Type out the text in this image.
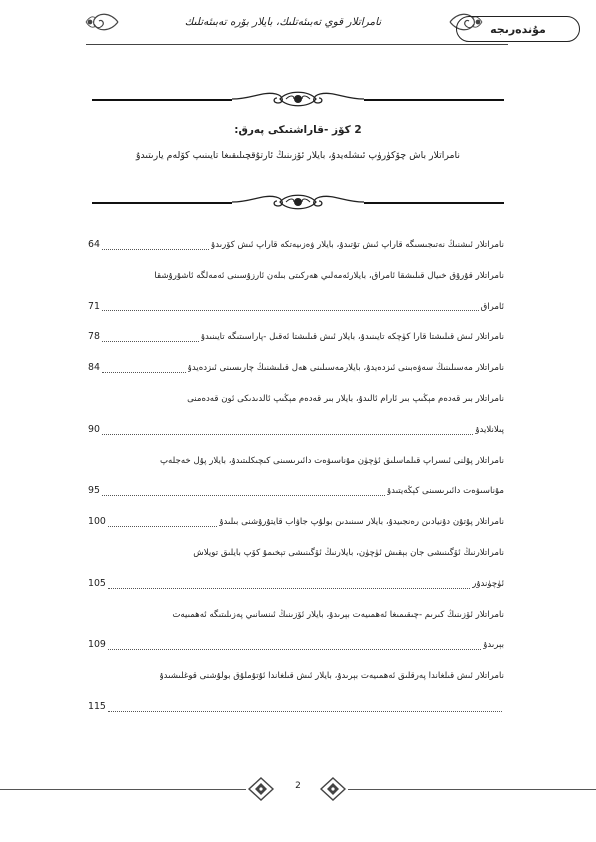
نامراتلار قوي تەبىئەتلىك، بايلار بۆرە تەبىئەتلىك
مۇندەرىجە
2 كۆز -قاراشتىكى پەرق:
نامراتلار باش چۆكۈرۈپ ئىشلەيدۇ، بايلار ئۆزىنىڭ ئارتۇقچىلىقىغا تايىنىپ كۆلەم يارىتىدۇ
نامراتلار ئىشنىڭ نەتىجىسىگە قاراپ ئىش تۇتىدۇ، بايلار ۋەزىيەتكە قاراپ ئىش كۆرىدۇ
64
نامراتلار قۇرۇق خىيال قىلىشقا ئامراق، بايلارئەمەلىي ھەركىتى بىلەن ئارزۇسىنى ئەمەلگە ئاشۇرۇشقا
ئامراق
71
نامراتلار ئىش قىلىشتا قارا كۈچكە تايىنىدۇ، بايلار ئىش قىلىشتا ئەقىل -پاراسىتىگە تايىنىدۇ
78
نامراتلار مەسىلىنىڭ سەۋەبىنى ئىزدەيدۇ، بايلارمەسىلىنى ھەل قىلىشنىڭ چارىسىنى ئىزدەيدۇ
84
نامراتلار بىر قەدەم مېڭىپ بىر ئارام ئالىدۇ، بايلار بىر قەدەم مېڭىپ ئالدىدىكى ئون قەدەمنى
پىلانلايدۇ
90
نامراتلار پۇلنى ئىسراپ قىلماسلىق ئۈچۈن مۇناسىۋەت دائىرىسىنى كىچىكلىتىدۇ، بايلار پۇل خەجلەپ
مۇناسىۋەت دائىرىسىنى كېڭەيتىدۇ
95
نامراتلار پۇتۇن دۇنيادىن رەنجىيدۇ، بايلار سىنىدىن بولۇپ جاۋاب قايتۇرۇشنى بىلىدۇ
100
نامراتلارنىڭ ئۆگىنىشى جان بېقىش ئۈچۈن، بايلارنىڭ ئۆگىنىشى تېخىمۇ كۆپ بايلىق تويلاش
ئۈچۈندۇر
105
نامراتلار ئۆزىنىڭ كىرىم -چىقىمىغا ئەھمىيەت بېرىدۇ، بايلار ئۆزىنىڭ ئىنسانىي پەزىلىتىگە ئەھمىيەت
بېرىدۇ
109
نامراتلار ئىش قىلغاندا پەرقلىق ئەھمىيەت بېرىدۇ، بايلار ئىش قىلغاندا ئۇتۇملۇق بولۇشنى قوغلىشىدۇ
115
2
